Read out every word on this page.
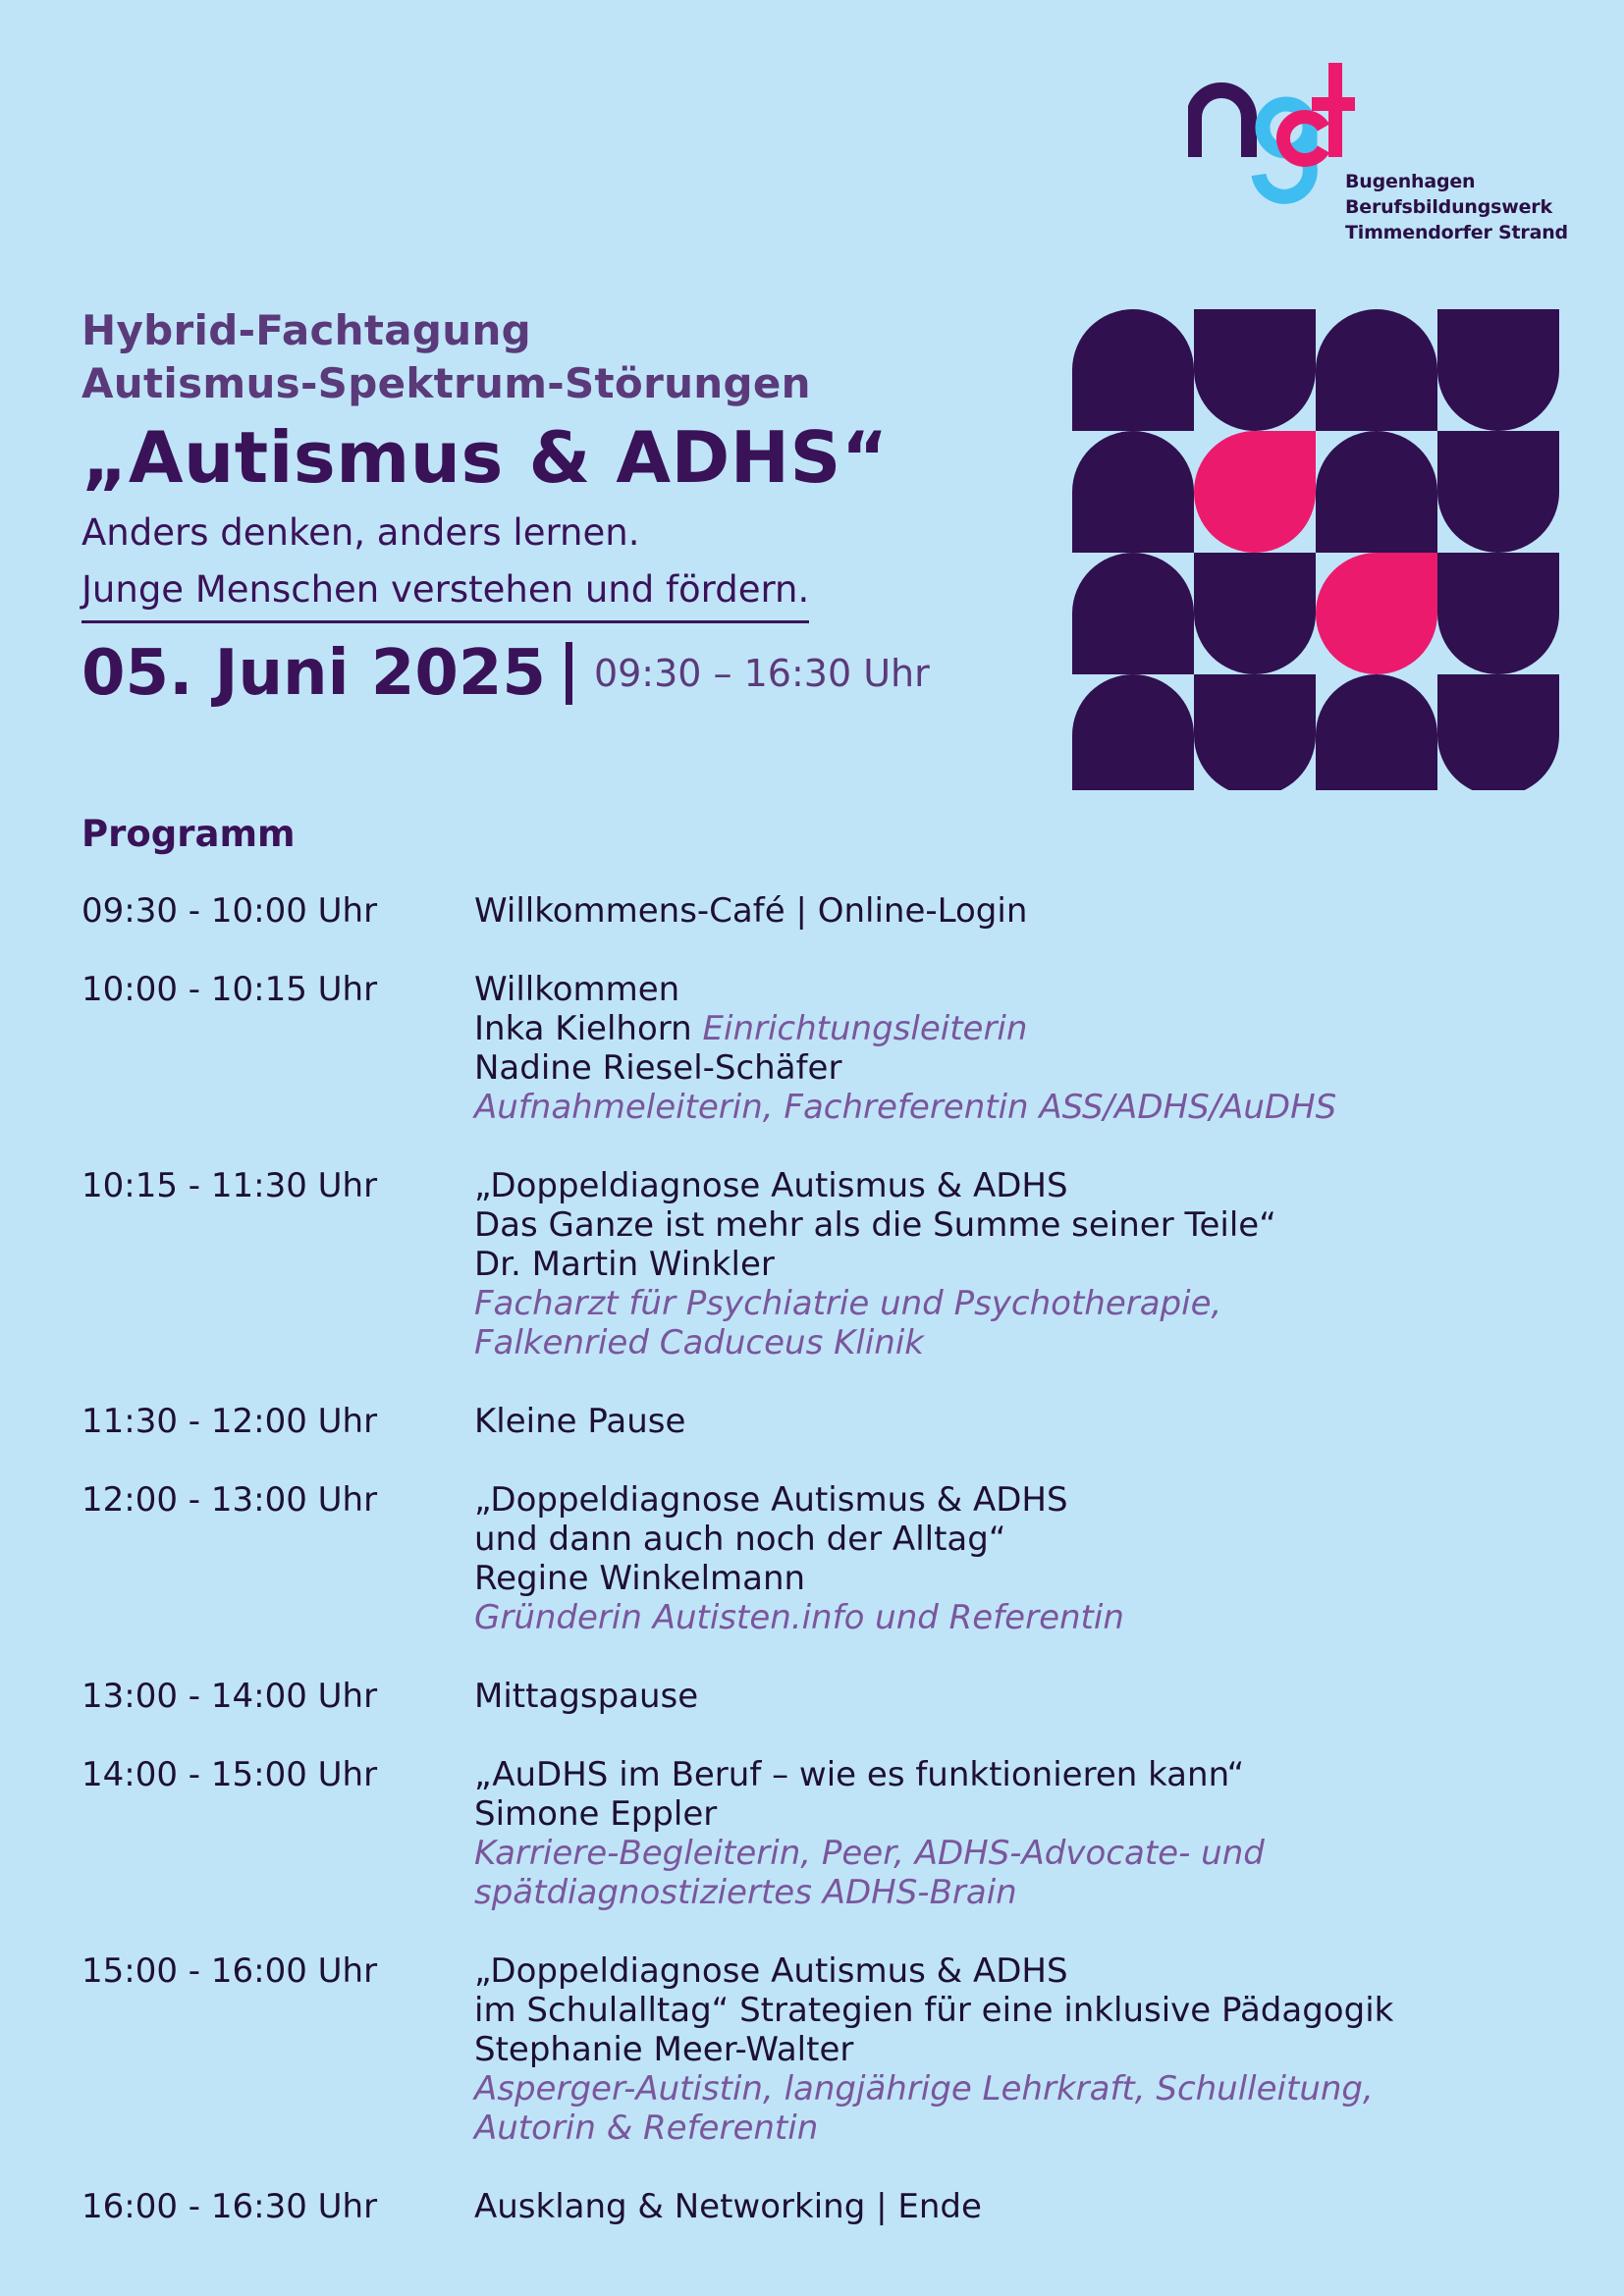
Bugenhagen
Berufsbildungswerk
Timmendorfer Strand
Hybrid-Fachtagung
Autismus-Spektrum-Störungen
„Autismus & ADHS“
Anders denken, anders lernen.
Junge Menschen verstehen und fördern.
05. Juni 2025 09:30 – 16:30 Uhr
Programm
09:30 - 10:00 Uhr	Willkommens-Café | Online-Login
10:00 - 10:15 Uhr	Willkommen
Inka Kielhorn Einrichtungsleiterin
Nadine Riesel-Schäfer
Aufnahmeleiterin, Fachreferentin ASS/ADHS/AuDHS
10:15 - 11:30 Uhr	„Doppeldiagnose Autismus & ADHS
Das Ganze ist mehr als die Summe seiner Teile“
Dr. Martin Winkler
Facharzt für Psychiatrie und Psychotherapie,
Falkenried Caduceus Klinik
11:30 - 12:00 Uhr	Kleine Pause
12:00 - 13:00 Uhr	„Doppeldiagnose Autismus & ADHS
und dann auch noch der Alltag“
Regine Winkelmann
Gründerin Autisten.info und Referentin
13:00 - 14:00 Uhr	Mittagspause
14:00 - 15:00 Uhr	„AuDHS im Beruf – wie es funktionieren kann“
Simone Eppler
Karriere-Begleiterin, Peer, ADHS-Advocate- und
spätdiagnostiziertes ADHS-Brain
15:00 - 16:00 Uhr	„Doppeldiagnose Autismus & ADHS
im Schulalltag“ Strategien für eine inklusive Pädagogik
Stephanie Meer-Walter
Asperger-Autistin, langjährige Lehrkraft, Schulleitung,
Autorin & Referentin
16:00 - 16:30 Uhr	Ausklang & Networking | Ende
